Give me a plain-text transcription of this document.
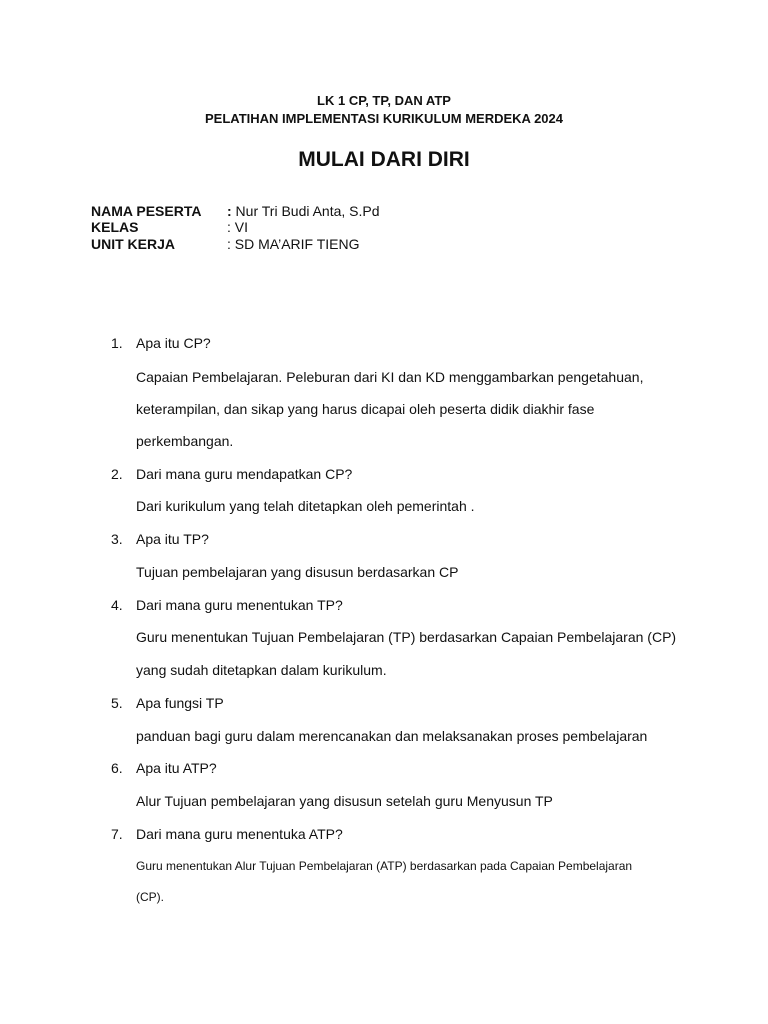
LK 1 CP, TP, DAN ATP
PELATIHAN IMPLEMENTASI KURIKULUM MERDEKA 2024
MULAI DARI DIRI
NAMA PESERTA : Nur Tri Budi Anta, S.Pd
KELAS	: VI
UNIT KERJA	: SD MA’ARIF TIENG
1. Apa itu CP?
Capaian Pembelajaran. Peleburan dari KI dan KD menggambarkan pengetahuan,
keterampilan, dan sikap yang harus dicapai oleh peserta didik diakhir fase
perkembangan.
2. Dari mana guru mendapatkan CP?
Dari kurikulum yang telah ditetapkan oleh pemerintah .
3. Apa itu TP?
Tujuan pembelajaran yang disusun berdasarkan CP
4. Dari mana guru menentukan TP?
Guru menentukan Tujuan Pembelajaran (TP) berdasarkan Capaian Pembelajaran (CP)
yang sudah ditetapkan dalam kurikulum.
5. Apa fungsi TP
panduan bagi guru dalam merencanakan dan melaksanakan proses pembelajaran
6. Apa itu ATP?
Alur Tujuan pembelajaran yang disusun setelah guru Menyusun TP
7. Dari mana guru menentuka ATP?
Guru menentukan Alur Tujuan Pembelajaran (ATP) berdasarkan pada Capaian Pembelajaran
(CP).
